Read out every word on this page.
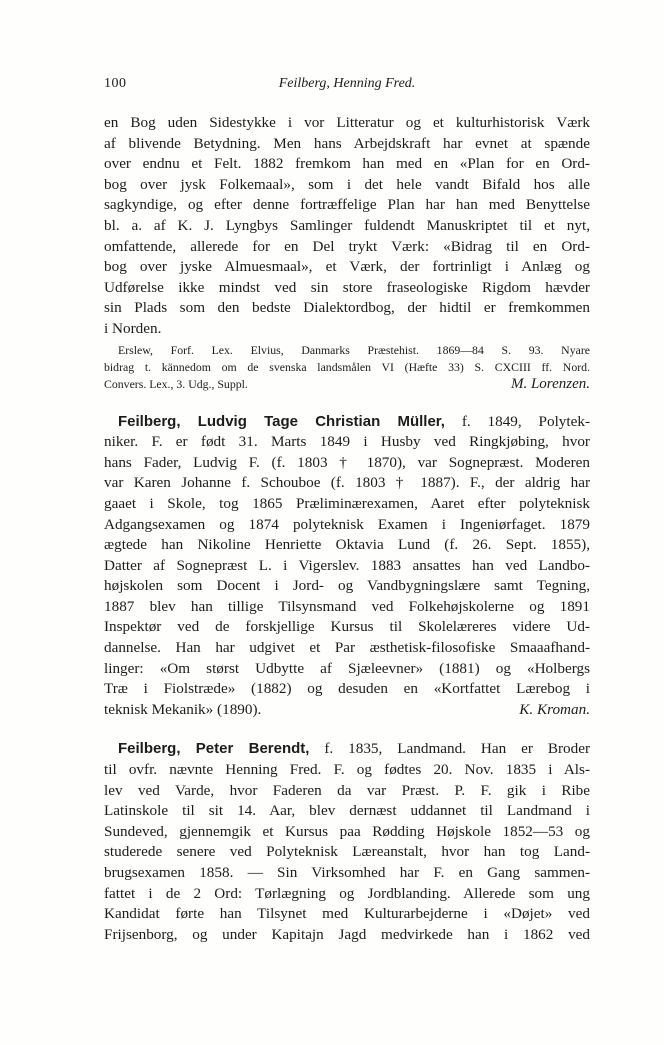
100	Feilberg, Henning Fred.

en Bog uden Sidestykke i vor Litteratur og et kulturhistorisk Værk

af blivende Betydning. Men hans Arbejdskraft har evnet at spænde

over endnu et Felt. 1882 fremkom han med en «Plan for en Ord-

bog over jysk Folkemaal», som i det hele vandt Bifald hos alle

sagkyndige, og efter denne fortræffelige Plan har han med Benyttelse

bl. a. af K. J. Lyngbys Samlinger fuldendt Manuskriptet til et nyt,

omfattende, allerede for en Del trykt Værk: «Bidrag til en Ord-

bog over jyske Almuesmaal», et Værk, der fortrinligt i Anlæg og

Udførelse ikke mindst ved sin store fraseologiske Rigdom hævder

sin Plads som den bedste Dialektordbog, der hidtil er fremkommen

i Norden.

Erslew, Forf. Lex. Elvius, Danmarks Præstehist. 1869—84 S. 93. Nyare

bidrag t. kännedom om de svenska landsmålen VI (Hæfte 33) S. CXCIII ff. Nord.

Convers. Lex., 3. Udg., Suppl.	M. Lorenzen.

Feilberg, Ludvig Tage Christian Müller, f. 1849, Polytek-

niker. F. er født 31. Marts 1849 i Husby ved Ringkjøbing, hvor

hans Fader, Ludvig F. (f. 1803 † 1870), var Sognepræst. Moderen

var Karen Johanne f. Schouboe (f. 1803 † 1887). F., der aldrig har

gaaet i Skole, tog 1865 Præliminærexamen, Aaret efter polyteknisk

Adgangsexamen og 1874 polyteknisk Examen i Ingeniørfaget. 1879

ægtede han Nikoline Henriette Oktavia Lund (f. 26. Sept. 1855),

Datter af Sognepræst L. i Vigerslev. 1883 ansattes han ved Landbo-

højskolen som Docent i Jord- og Vandbygningslære samt Tegning,

1887 blev han tillige Tilsynsmand ved Folkehøjskolerne og 1891

Inspektør ved de forskjellige Kursus til Skolelæreres videre Ud-

dannelse. Han har udgivet et Par æsthetisk-filosofiske Smaaafhand-

linger: «Om størst Udbytte af Sjæleevner» (1881) og «Holbergs

Træ i Fiolstræde» (1882) og desuden en «Kortfattet Lærebog i

teknisk Mekanik» (1890).	K. Kroman.

Feilberg, Peter Berendt, f. 1835, Landmand. Han er Broder

til ovfr. nævnte Henning Fred. F. og fødtes 20. Nov. 1835 i Als-

lev ved Varde, hvor Faderen da var Præst. P. F. gik i Ribe

Latinskole til sit 14. Aar, blev dernæst uddannet til Landmand i

Sundeved, gjennemgik et Kursus paa Rødding Højskole 1852—53 og

studerede senere ved Polyteknisk Læreanstalt, hvor han tog Land-

brugsexamen 1858. — Sin Virksomhed har F. en Gang sammen-

fattet i de 2 Ord: Tørlægning og Jordblanding. Allerede som ung

Kandidat førte han Tilsynet med Kulturarbejderne i «Døjet» ved

Frijsenborg, og under Kapitajn Jagd medvirkede han i 1862 ved
